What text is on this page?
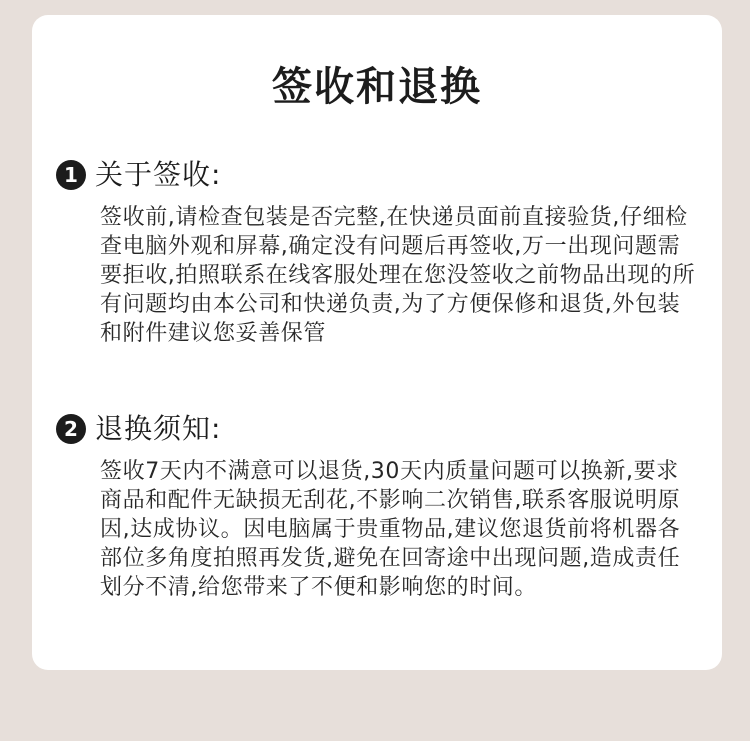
签收和退换
1 关于签收:
签收前,请检查包装是否完整,在快递员面前直接验货,仔细检查电脑外观和屏幕,确定没有问题后再签收,万一出现问题需要拒收,拍照联系在线客服处理在您没签收之前物品出现的所有问题均由本公司和快递负责,为了方便保修和退货,外包装和附件建议您妥善保管
2 退换须知:
签收7天内不满意可以退货,30天内质量问题可以换新,要求商品和配件无缺损无刮花,不影响二次销售,联系客服说明原因,达成协议。因电脑属于贵重物品,建议您退货前将机器各部位多角度拍照再发货,避免在回寄途中出现问题,造成责任划分不清,给您带来了不便和影响您的时间。
